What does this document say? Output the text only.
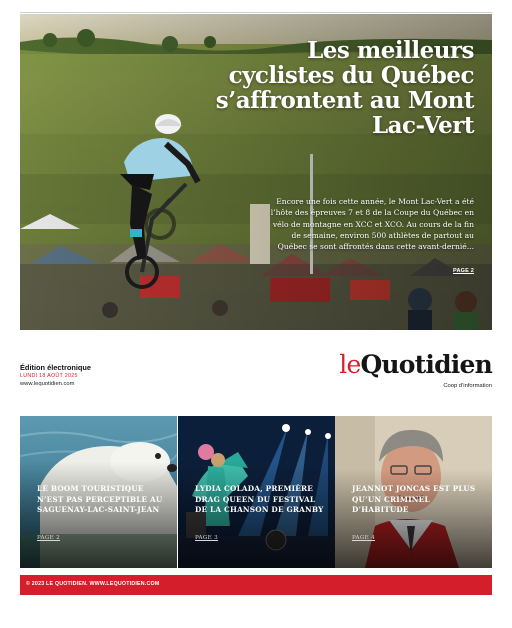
Les meilleurs cyclistes du Québec s’affrontent au Mont Lac-Vert

Encore une fois cette année, le Mont Lac-Vert a été l’hôte des épreuves 7 et 8 de la Coupe du Québec en vélo de montagne en XCC et XCO. Au cours de la fin de semaine, environ 500 athlètes de partout au Québec se sont affrontés dans cette avant-dernié...

PAGE 2

Édition électronique

LUNDI 18 AOÛT 2025
www.lequotidien.com
leQuotidien
Coop d’information
LE BOOM TOURISTIQUE N’EST PAS PERCEPTIBLE AU SAGUENAY-LAC-SAINT-JEAN
PAGE 2
LYDIA COLADA, PREMIÈRE DRAG QUEEN DU FESTIVAL DE LA CHANSON DE GRANBY
PAGE 3
JEANNOT JONCAS EST PLUS QU’UN CRIMINEL D’HABITUDE
PAGE 4
© 2023 LE QUOTIDIEN. WWW.LEQUOTIDIEN.COM
